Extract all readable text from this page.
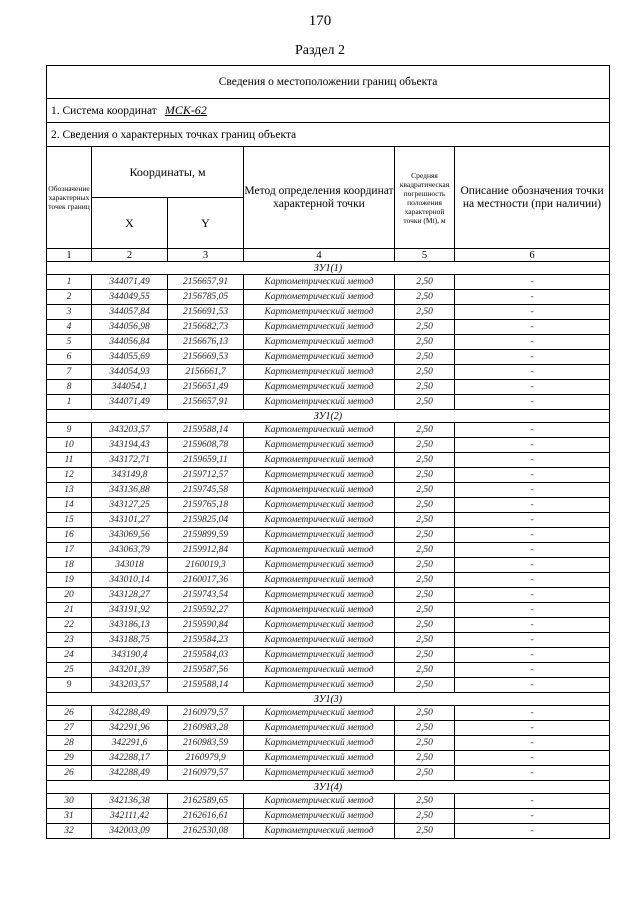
170
Раздел 2
Сведения о местоположении границ объекта					
1. Система координат МСК-62					
2. Сведения о характерных точках границ объекта					
Обозначение характерных точек границ	Координаты, м		Метод определения координат характерной точки	Средняя квадратическая погрешность положения характерной точки (Mt), м	Описание обозначения точки на местности (при наличии)
	X	Y			
1	2	3	4	5	6
ЗУ1(1)					
1	344071,49	2156657,91	Картометрический метод	2,50	-
2	344049,55	2156785,05	Картометрический метод	2,50	-
3	344057,84	2156691,53	Картометрический метод	2,50	-
4	344056,98	2156682,73	Картометрический метод	2,50	-
5	344056,84	2156676,13	Картометрический метод	2,50	-
6	344055,69	2156669,53	Картометрический метод	2,50	-
7	344054,93	2156661,7	Картометрический метод	2,50	-
8	344054,1	2156651,49	Картометрический метод	2,50	-
1	344071,49	2156657,91	Картометрический метод	2,50	-
ЗУ1(2)					
9	343203,57	2159588,14	Картометрический метод	2,50	-
10	343194,43	2159608,78	Картометрический метод	2,50	-
11	343172,71	2159659,11	Картометрический метод	2,50	-
12	343149,8	2159712,57	Картометрический метод	2,50	-
13	343136,88	2159745,58	Картометрический метод	2,50	-
14	343127,25	2159765,18	Картометрический метод	2,50	-
15	343101,27	2159825,04	Картометрический метод	2,50	-
16	343069,56	2159899,59	Картометрический метод	2,50	-
17	343063,79	2159912,84	Картометрический метод	2,50	-
18	343018	2160019,3	Картометрический метод	2,50	-
19	343010,14	2160017,36	Картометрический метод	2,50	-
20	343128,27	2159743,54	Картометрический метод	2,50	-
21	343191,92	2159592,27	Картометрический метод	2,50	-
22	343186,13	2159590,84	Картометрический метод	2,50	-
23	343188,75	2159584,23	Картометрический метод	2,50	-
24	343190,4	2159584,03	Картометрический метод	2,50	-
25	343201,39	2159587,56	Картометрический метод	2,50	-
9	343203,57	2159588,14	Картометрический метод	2,50	-
ЗУ1(3)					
26	342288,49	2160979,57	Картометрический метод	2,50	-
27	342291,96	2160983,28	Картометрический метод	2,50	-
28	342291,6	2160983,59	Картометрический метод	2,50	-
29	342288,17	2160979,9	Картометрический метод	2,50	-
26	342288,49	2160979,57	Картометрический метод	2,50	-
ЗУ1(4)					
30	342136,38	2162589,65	Картометрический метод	2,50	-
31	342111,42	2162616,61	Картометрический метод	2,50	-
32	342003,09	2162530,08	Картометрический метод	2,50	-
